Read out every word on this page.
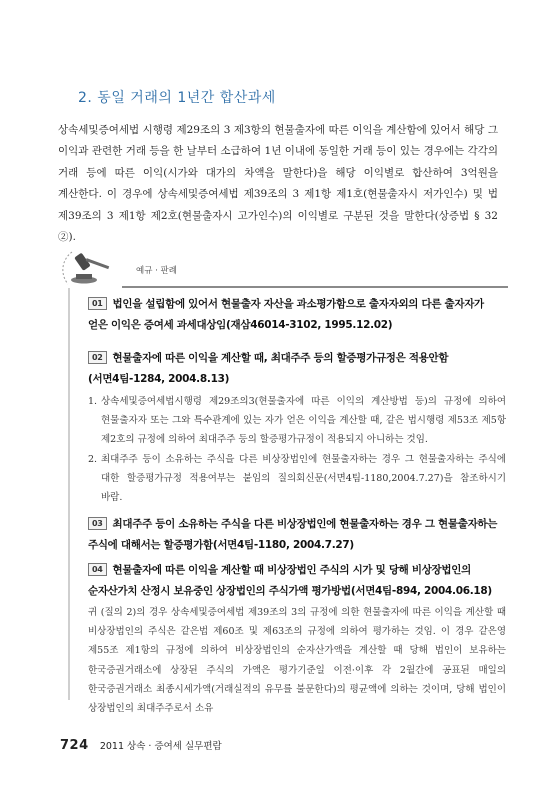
2. 동일 거래의 1년간 합산과세
상속세및증여세법 시행령 제29조의 3 제3항의 현물출자에 따른 이익을 계산함에 있어서 해당 그 이익과 관련한 거래 등을 한 날부터 소급하여 1년 이내에 동일한 거래 등이 있는 경우에는 각각의 거래 등에 따른 이익(시가와 대가의 차액을 말한다)을 해당 이익별로 합산하여 3억원을 계산한다. 이 경우에 상속세및증여세법 제39조의 3 제1항 제1호(현물출자시 저가인수) 및 법 제39조의 3 제1항 제2호(현물출자시 고가인수)의 이익별로 구분된 것을 말한다(상증법 § 32 ②).
예규 · 판례
01 법인을 설립함에 있어서 현물출자 자산을 과소평가함으로 출자자외의 다른 출자자가 얻은 이익은 증여세 과세대상임(재삼46014-3102, 1995.12.02)
02 현물출자에 따른 이익을 계산할 때, 최대주주 등의 할증평가규정은 적용안함(서면4팀-1284, 2004.8.13)
1. 상속세및증여세법시행령 제29조의3(현물출자에 따른 이익의 계산방법 등)의 규정에 의하여 현물출자자 또는 그와 특수관계에 있는 자가 얻은 이익을 계산할 때, 같은 법시행령 제53조 제5항 제2호의 규정에 의하여 최대주주 등의 할증평가규정이 적용되지 아니하는 것임.
2. 최대주주 등이 소유하는 주식을 다른 비상장법인에 현물출자하는 경우 그 현물출자하는 주식에 대한 할증평가규정 적용여부는 붙임의 질의회신문(서면4팀-1180,2004.7.27)을 참조하시기 바람.
03 최대주주 등이 소유하는 주식을 다른 비상장법인에 현물출자하는 경우 그 현물출자하는 주식에 대해서는 할증평가함(서면4팀-1180, 2004.7.27)
04 현물출자에 따른 이익을 계산할 때 비상장법인 주식의 시가 및 당해 비상장법인의 순자산가치 산정시 보유중인 상장법인의 주식가액 평가방법(서면4팀-894, 2004.06.18)
귀 (질의 2)의 경우 상속세및증여세법 제39조의 3의 규정에 의한 현물출자에 따른 이익을 계산할 때 비상장법인의 주식은 같은법 제60조 및 제63조의 규정에 의하여 평가하는 것임. 이 경우 같은영 제55조 제1항의 규정에 의하여 비상장법인의 순자산가액을 계산할 때 당해 법인이 보유하는 한국증권거래소에 상장된 주식의 가액은 평가기준일 이전·이후 각 2월간에 공표된 매일의 한국증권거래소 최종시세가액(거래실적의 유무를 불문한다)의 평균액에 의하는 것이며, 당해 법인이 상장법인의 최대주주로서 소유
724 2011 상속 · 증여세 실무편람
